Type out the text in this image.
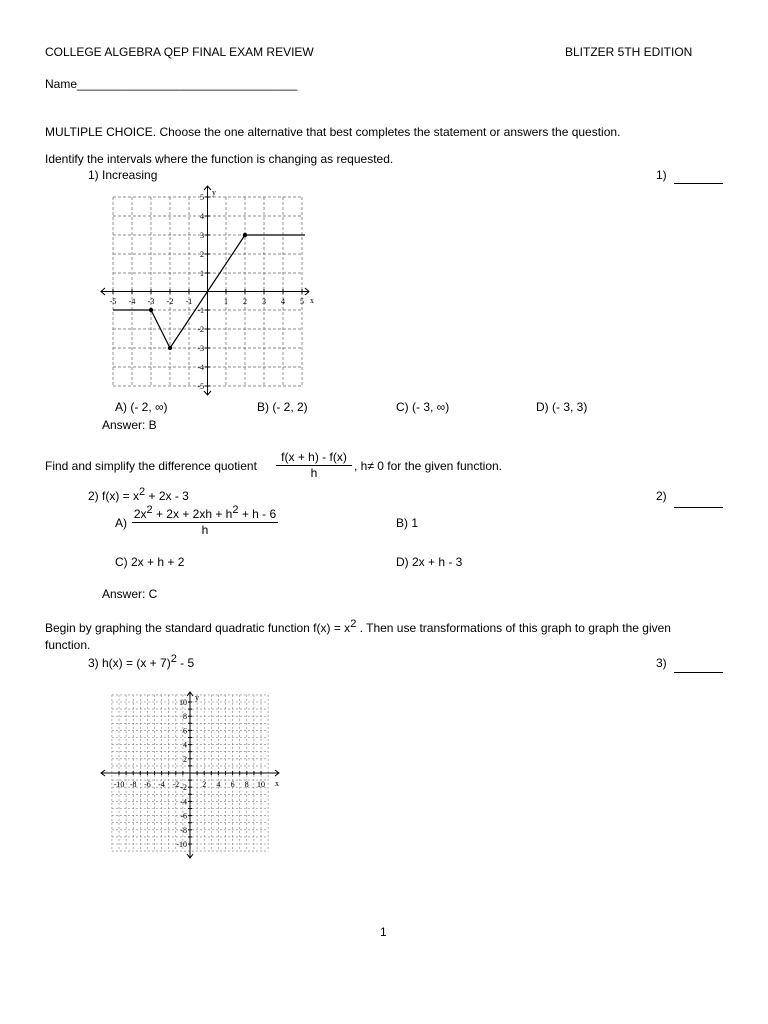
COLLEGE ALGEBRA QEP FINAL EXAM REVIEW	BLITZER 5TH EDITION
Name_________________________________
MULTIPLE CHOICE. Choose the one alternative that best completes the statement or answers the question.
Identify the intervals where the function is changing as requested.
1) Increasing	1)
-5 -4 -3 -2 -1	1 2 3 4 5
5
4
3
2
1
-1
-2
-3
-4
-5
x
y
A) (- 2, ∞)	B) (- 2, 2)	C) (- 3, ∞)	D) (- 3, 3)
Answer: B
Find and simplify the difference quotient $\frac{f(x + h) - f(x)}{h}$ , h≠ 0 for the given function.
2) $f(x) = x^2 + 2x - 3$	2)
$A) \frac{2x^2 + 2x + 2xh + h^2 + h - 6}{h}$	B) 1
C) 2x + h + 2	D) 2x + h - 3
Answer: C
Begin by graphing the standard quadratic function $f(x) = x^2$ . Then use transformations of this graph to graph the given
function.
3) $h(x) = (x + 7)^2 - 5$	3)
-10 -8 -6 -4 -2	2 4 6 8 10
10
8
6
4
2
-2
-4
-6
-8
-10
x
y
1
